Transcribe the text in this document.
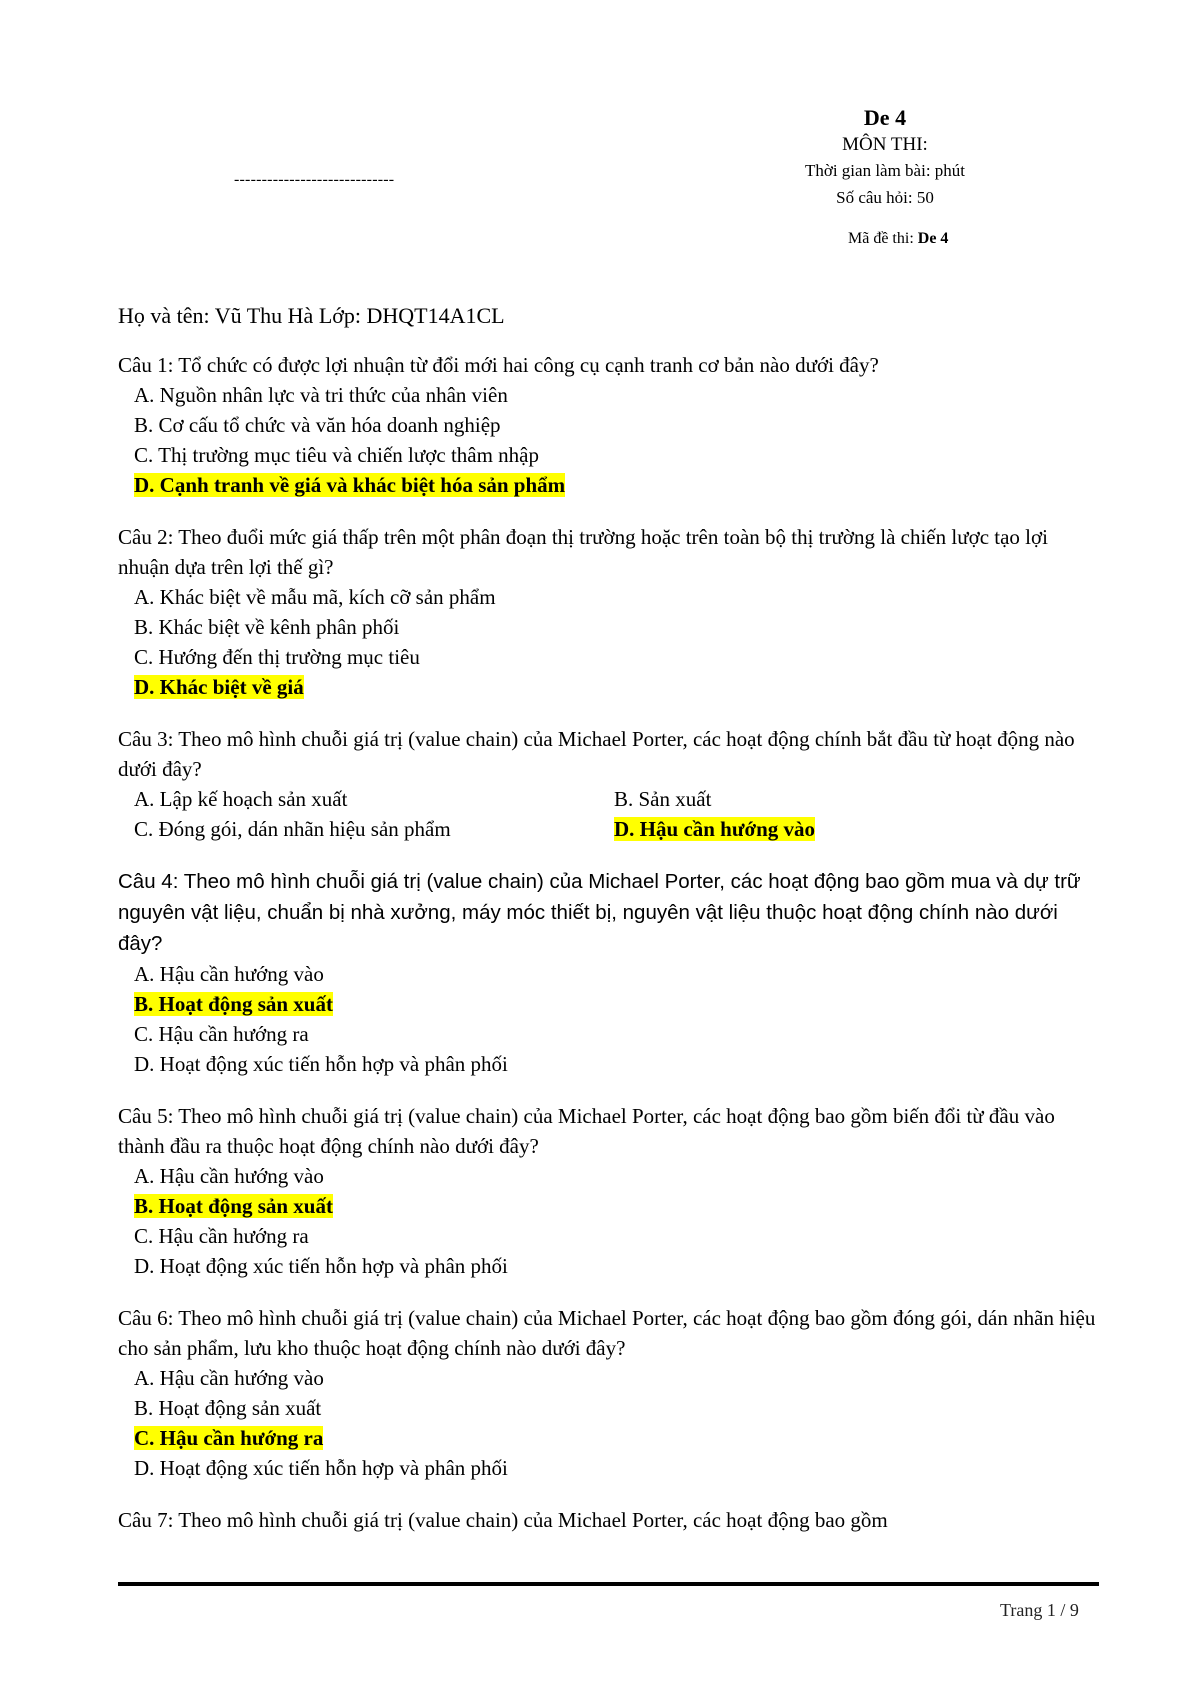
-----------------------------
De 4
MÔN THI:
Thời gian làm bài: phút
Số câu hỏi: 50
Mã đề thi: De 4
Họ và tên: Vũ Thu Hà Lớp: DHQT14A1CL

Câu 1: Tổ chức có được lợi nhuận từ đổi mới hai công cụ cạnh tranh cơ bản nào dưới đây?

A. Nguồn nhân lực và tri thức của nhân viên
B. Cơ cấu tổ chức và văn hóa doanh nghiệp
C. Thị trường mục tiêu và chiến lược thâm nhập
D. Cạnh tranh về giá và khác biệt hóa sản phẩm

Câu 2: Theo đuổi mức giá thấp trên một phân đoạn thị trường hoặc trên toàn bộ thị trường là chiến lược tạo lợi nhuận dựa trên lợi thế gì?

A. Khác biệt về mẫu mã, kích cỡ sản phẩm
B. Khác biệt về kênh phân phối
C. Hướng đến thị trường mục tiêu
D. Khác biệt về giá

Câu 3: Theo mô hình chuỗi giá trị (value chain) của Michael Porter, các hoạt động chính bắt đầu từ hoạt động nào dưới đây?

A. Lập kế hoạch sản xuất	B. Sản xuất
C. Đóng gói, dán nhãn hiệu sản phẩm	D. Hậu cần hướng vào

Câu 4: Theo mô hình chuỗi giá trị (value chain) của Michael Porter, các hoạt động bao gồm mua và dự trữ nguyên vật liệu, chuẩn bị nhà xưởng, máy móc thiết bị, nguyên vật liệu thuộc hoạt động chính nào dưới đây?

A. Hậu cần hướng vào
B. Hoạt động sản xuất
C. Hậu cần hướng ra
D. Hoạt động xúc tiến hỗn hợp và phân phối

Câu 5: Theo mô hình chuỗi giá trị (value chain) của Michael Porter, các hoạt động bao gồm biến đổi từ đầu vào thành đầu ra thuộc hoạt động chính nào dưới đây?

A. Hậu cần hướng vào
B. Hoạt động sản xuất
C. Hậu cần hướng ra
D. Hoạt động xúc tiến hỗn hợp và phân phối

Câu 6: Theo mô hình chuỗi giá trị (value chain) của Michael Porter, các hoạt động bao gồm đóng gói, dán nhãn hiệu cho sản phẩm, lưu kho thuộc hoạt động chính nào dưới đây?

A. Hậu cần hướng vào
B. Hoạt động sản xuất
C. Hậu cần hướng ra
D. Hoạt động xúc tiến hỗn hợp và phân phối

Câu 7: Theo mô hình chuỗi giá trị (value chain) của Michael Porter, các hoạt động bao gồm

Trang 1 / 9
